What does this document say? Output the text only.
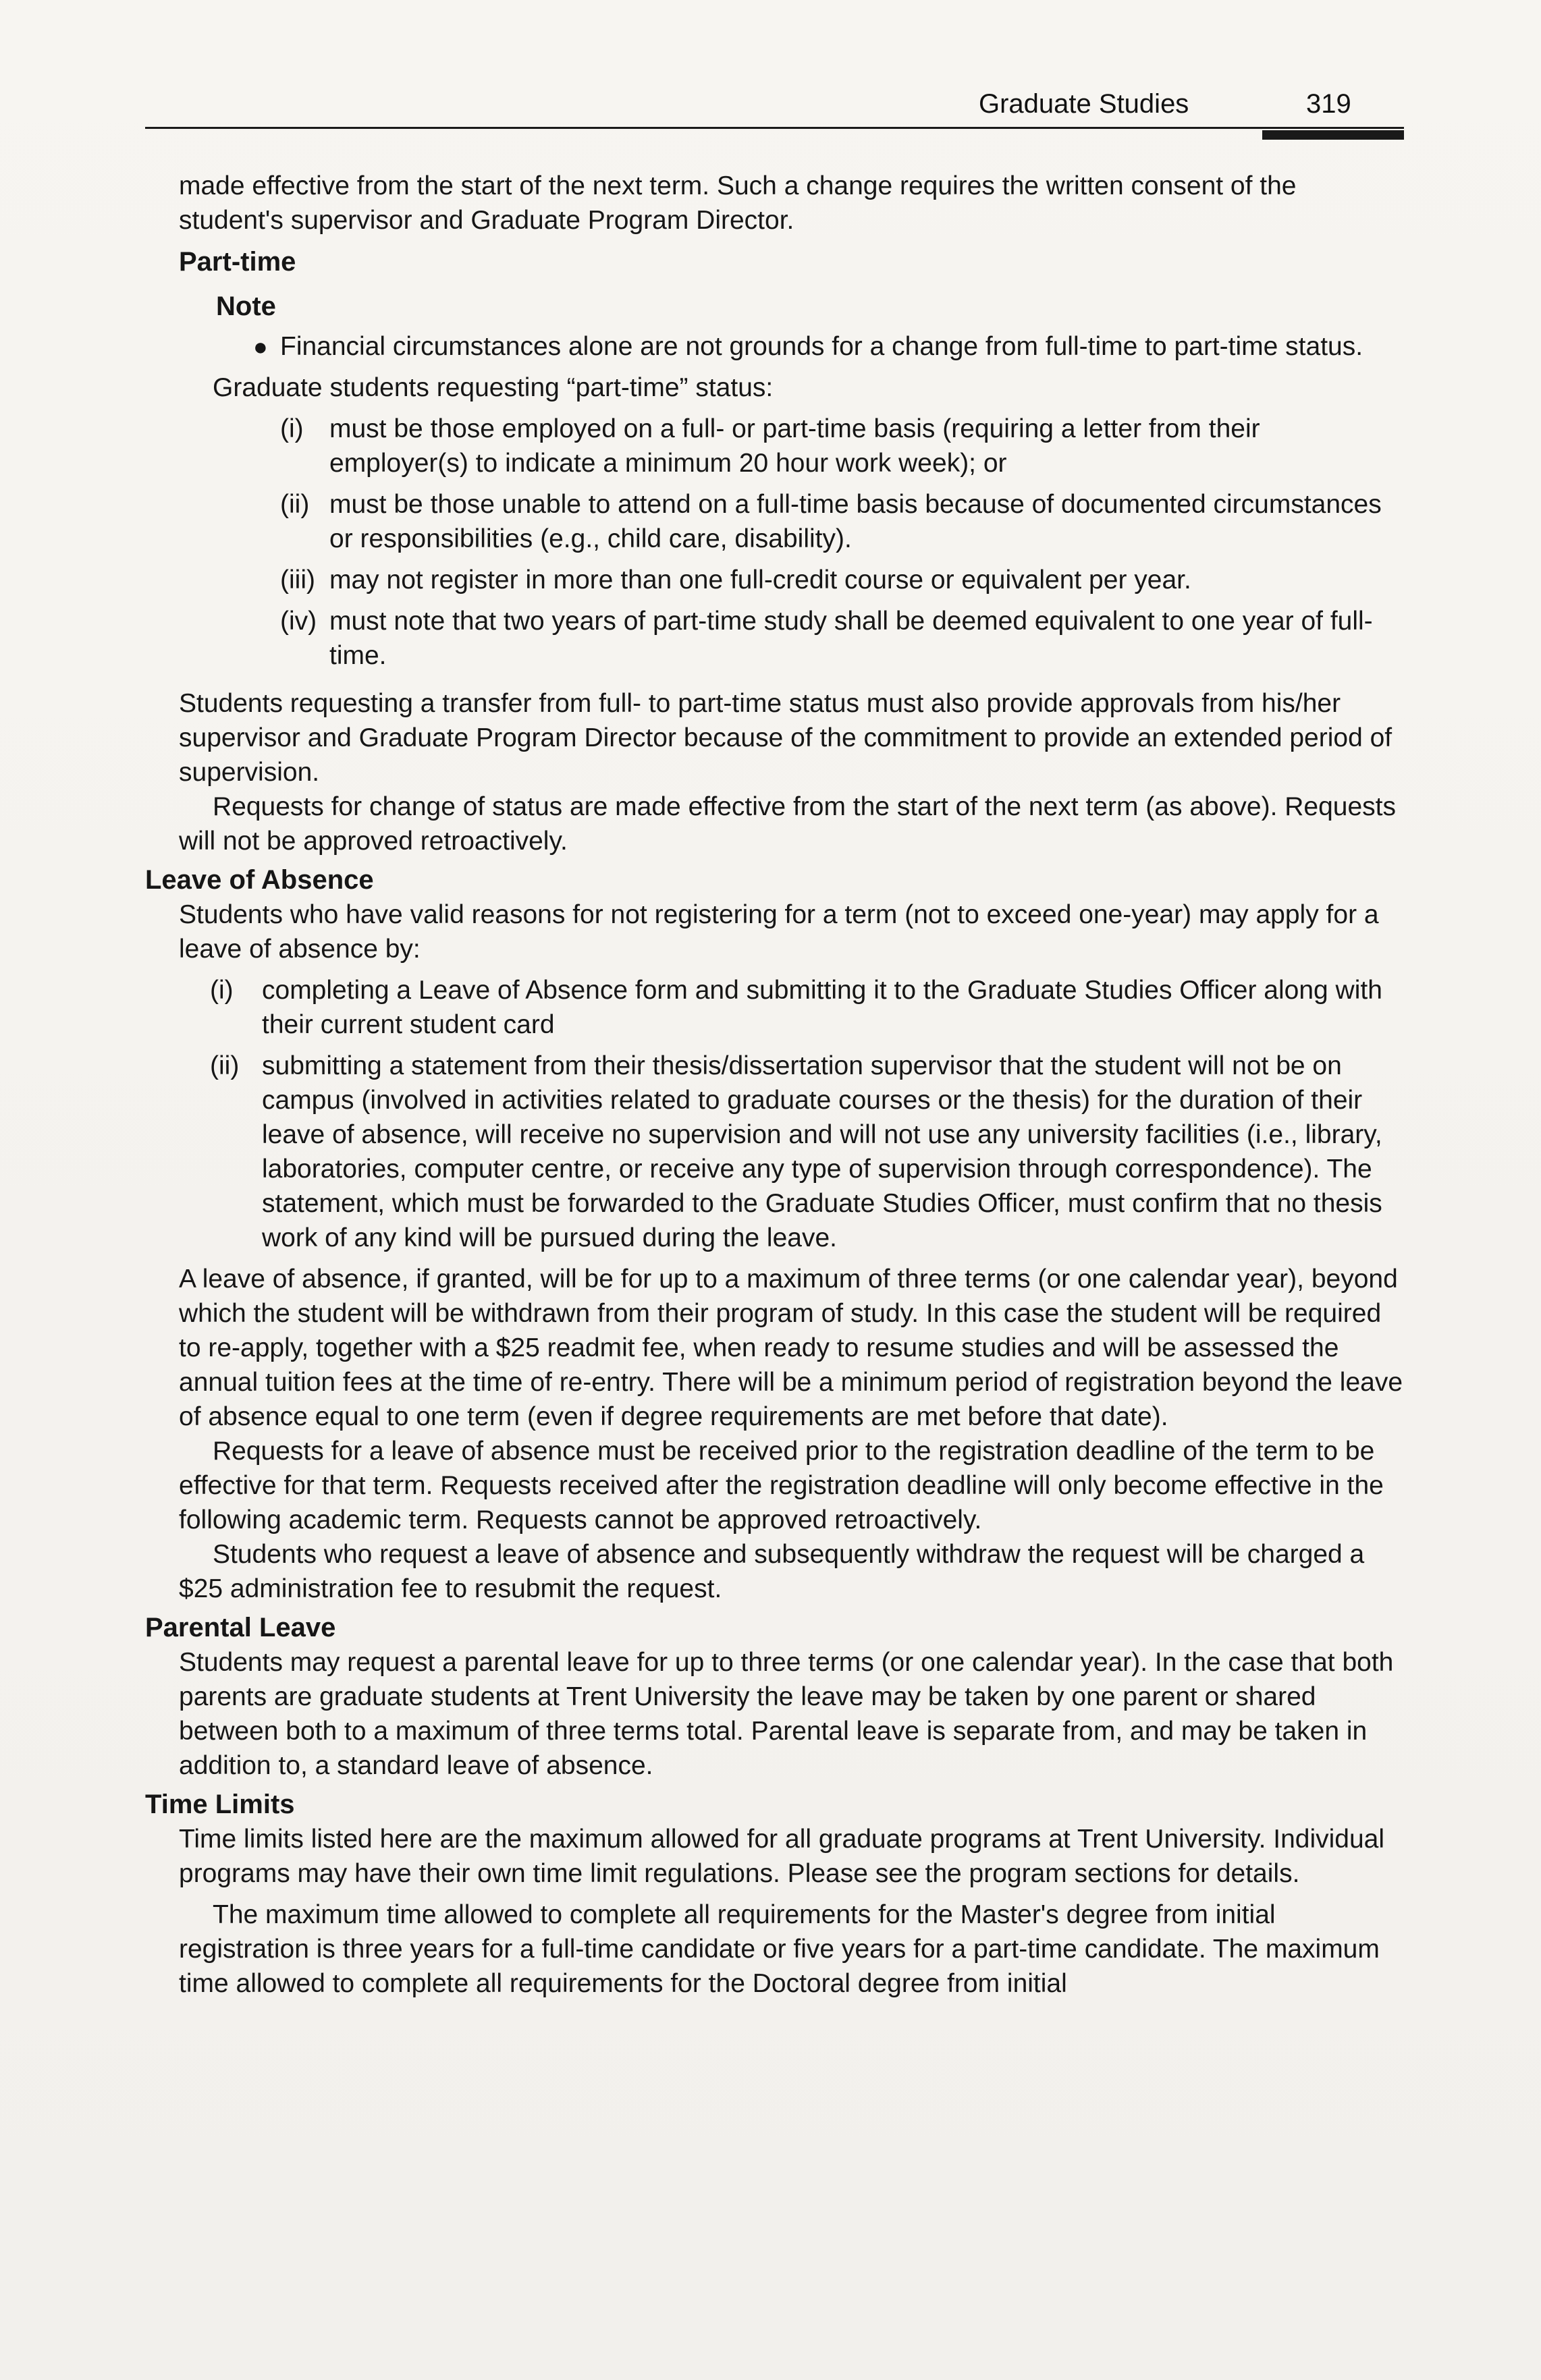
Graduate Studies	319

made effective from the start of the next term. Such a change requires the written consent of the student's supervisor and Graduate Program Director.

Part-time
Note
● Financial circumstances alone are not grounds for a change from full-time to part-time status.

Graduate students requesting “part-time” status:

(i) must be those employed on a full- or part-time basis (requiring a letter from their employer(s) to indicate a minimum 20 hour work week); or
(ii) must be those unable to attend on a full-time basis because of documented circumstances or responsibilities (e.g., child care, disability).
(iii) may not register in more than one full-credit course or equivalent per year.
(iv) must note that two years of part-time study shall be deemed equivalent to one year of full-time.

Students requesting a transfer from full- to part-time status must also provide approvals from his/her supervisor and Graduate Program Director because of the commitment to provide an extended period of supervision.

Requests for change of status are made effective from the start of the next term (as above). Requests will not be approved retroactively.

Leave of Absence

Students who have valid reasons for not registering for a term (not to exceed one-year) may apply for a leave of absence by:

(i) completing a Leave of Absence form and submitting it to the Graduate Studies Officer along with their current student card
(ii) submitting a statement from their thesis/dissertation supervisor that the student will not be on campus (involved in activities related to graduate courses or the thesis) for the duration of their leave of absence, will receive no supervision and will not use any university facilities (i.e., library, laboratories, computer centre, or receive any type of supervision through correspondence). The statement, which must be forwarded to the Graduate Studies Officer, must confirm that no thesis work of any kind will be pursued during the leave.

A leave of absence, if granted, will be for up to a maximum of three terms (or one calendar year), beyond which the student will be withdrawn from their program of study. In this case the student will be required to re-apply, together with a $25 readmit fee, when ready to resume studies and will be assessed the annual tuition fees at the time of re-entry. There will be a minimum period of registration beyond the leave of absence equal to one term (even if degree requirements are met before that date).

Requests for a leave of absence must be received prior to the registration deadline of the term to be effective for that term. Requests received after the registration deadline will only become effective in the following academic term. Requests cannot be approved retroactively.

Students who request a leave of absence and subsequently withdraw the request will be charged a $25 administration fee to resubmit the request.

Parental Leave

Students may request a parental leave for up to three terms (or one calendar year). In the case that both parents are graduate students at Trent University the leave may be taken by one parent or shared between both to a maximum of three terms total. Parental leave is separate from, and may be taken in addition to, a standard leave of absence.

Time Limits

Time limits listed here are the maximum allowed for all graduate programs at Trent University. Individual programs may have their own time limit regulations. Please see the program sections for details.

The maximum time allowed to complete all requirements for the Master's degree from initial registration is three years for a full-time candidate or five years for a part-time candidate. The maximum time allowed to complete all requirements for the Doctoral degree from initial
